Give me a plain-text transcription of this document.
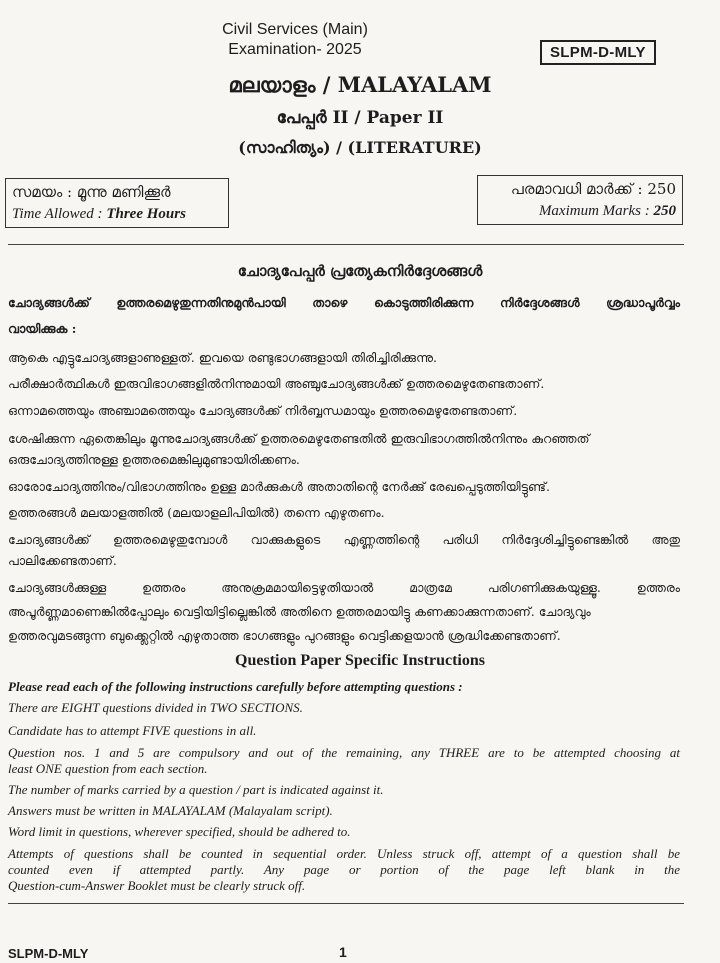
Civil Services (Main)
Examination- 2025	SLPM-D-MLY
മലയാളം / MALAYALAM
പേപ്പർ II / Paper II
(സാഹിത്യം) / (LITERATURE)
സമയം : മൂന്നു മണിക്കൂർ
Time Allowed : Three Hours
പരമാവധി മാർക്ക് : 250
Maximum Marks : 250
ചോദ്യപേപ്പർ പ്രത്യേകനിർദ്ദേശങ്ങൾ
ചോദ്യങ്ങൾക്ക് ഉത്തരമെഴുതുന്നതിനുമുൻപായി താഴെ കൊടുത്തിരിക്കുന്ന നിർദ്ദേശങ്ങൾ ശ്രദ്ധാപൂർവ്വം
വായിക്കുക :
ആകെ എട്ടുചോദ്യങ്ങളാണുള്ളത്. ഇവയെ രണ്ടുഭാഗങ്ങളായി തിരിച്ചിരിക്കുന്നു.
പരീക്ഷാർത്ഥികൾ ഇരുവിഭാഗങ്ങളിൽനിന്നുമായി അഞ്ചുചോദ്യങ്ങൾക്ക് ഉത്തരമെഴുതേണ്ടതാണ്.
ഒന്നാമത്തെയും അഞ്ചാമത്തെയും ചോദ്യങ്ങൾക്ക് നിർബ്ബന്ധമായും ഉത്തരമെഴുതേണ്ടതാണ്.
ശേഷിക്കുന്ന ഏതെങ്കിലും മൂന്നുചോദ്യങ്ങൾക്ക് ഉത്തരമെഴുതേണ്ടതിൽ ഇരുവിഭാഗത്തിൽനിന്നും കുറഞ്ഞത്
ഒരുചോദ്യത്തിനുള്ള ഉത്തരമെങ്കിലുമുണ്ടായിരിക്കണം.
ഓരോചോദ്യത്തിനും/വിഭാഗത്തിനും ഉള്ള മാർക്കുകൾ അതാതിന്റെ നേർക്കു് രേഖപ്പെടുത്തിയിട്ടുണ്ട്.
ഉത്തരങ്ങൾ മലയാളത്തിൽ (മലയാളലിപിയിൽ) തന്നെ എഴുതണം.
ചോദ്യങ്ങൾക്ക് ഉത്തരമെഴുതുമ്പോൾ വാക്കുകളുടെ എണ്ണത്തിന്റെ പരിധി നിർദ്ദേശിച്ചിട്ടുണ്ടെങ്കിൽ അതു
പാലിക്കേണ്ടതാണ്.
ചോദ്യങ്ങൾക്കുള്ള ഉത്തരം അനുക്രമമായിട്ടെഴുതിയാൽ മാത്രമേ പരിഗണിക്കുകയുള്ളൂ. ഉത്തരം
അപൂർണ്ണമാണെങ്കിൽപ്പോലും വെട്ടിയിട്ടില്ലെങ്കിൽ അതിനെ ഉത്തരമായിട്ടു കണക്കാക്കുന്നതാണ്. ചോദ്യവും
ഉത്തരവുമടങ്ങുന്ന ബുക്ക്ലെറ്റിൽ എഴുതാത്ത ഭാഗങ്ങളും പുറങ്ങളും വെട്ടിക്കളയാൻ ശ്രദ്ധിക്കേണ്ടതാണ്.
Question Paper Specific Instructions
Please read each of the following instructions carefully before attempting questions :
There are EIGHT questions divided in TWO SECTIONS.
Candidate has to attempt FIVE questions in all.
Question nos. 1 and 5 are compulsory and out of the remaining, any THREE are to be attempted choosing at
least ONE question from each section.
The number of marks carried by a question / part is indicated against it.
Answers must be written in MALAYALAM (Malayalam script).
Word limit in questions, wherever specified, should be adhered to.
Attempts of questions shall be counted in sequential order. Unless struck off, attempt of a question shall be
counted even if attempted partly. Any page or portion of the page left blank in the
Question-cum-Answer Booklet must be clearly struck off.
SLPM-D-MLY	1
